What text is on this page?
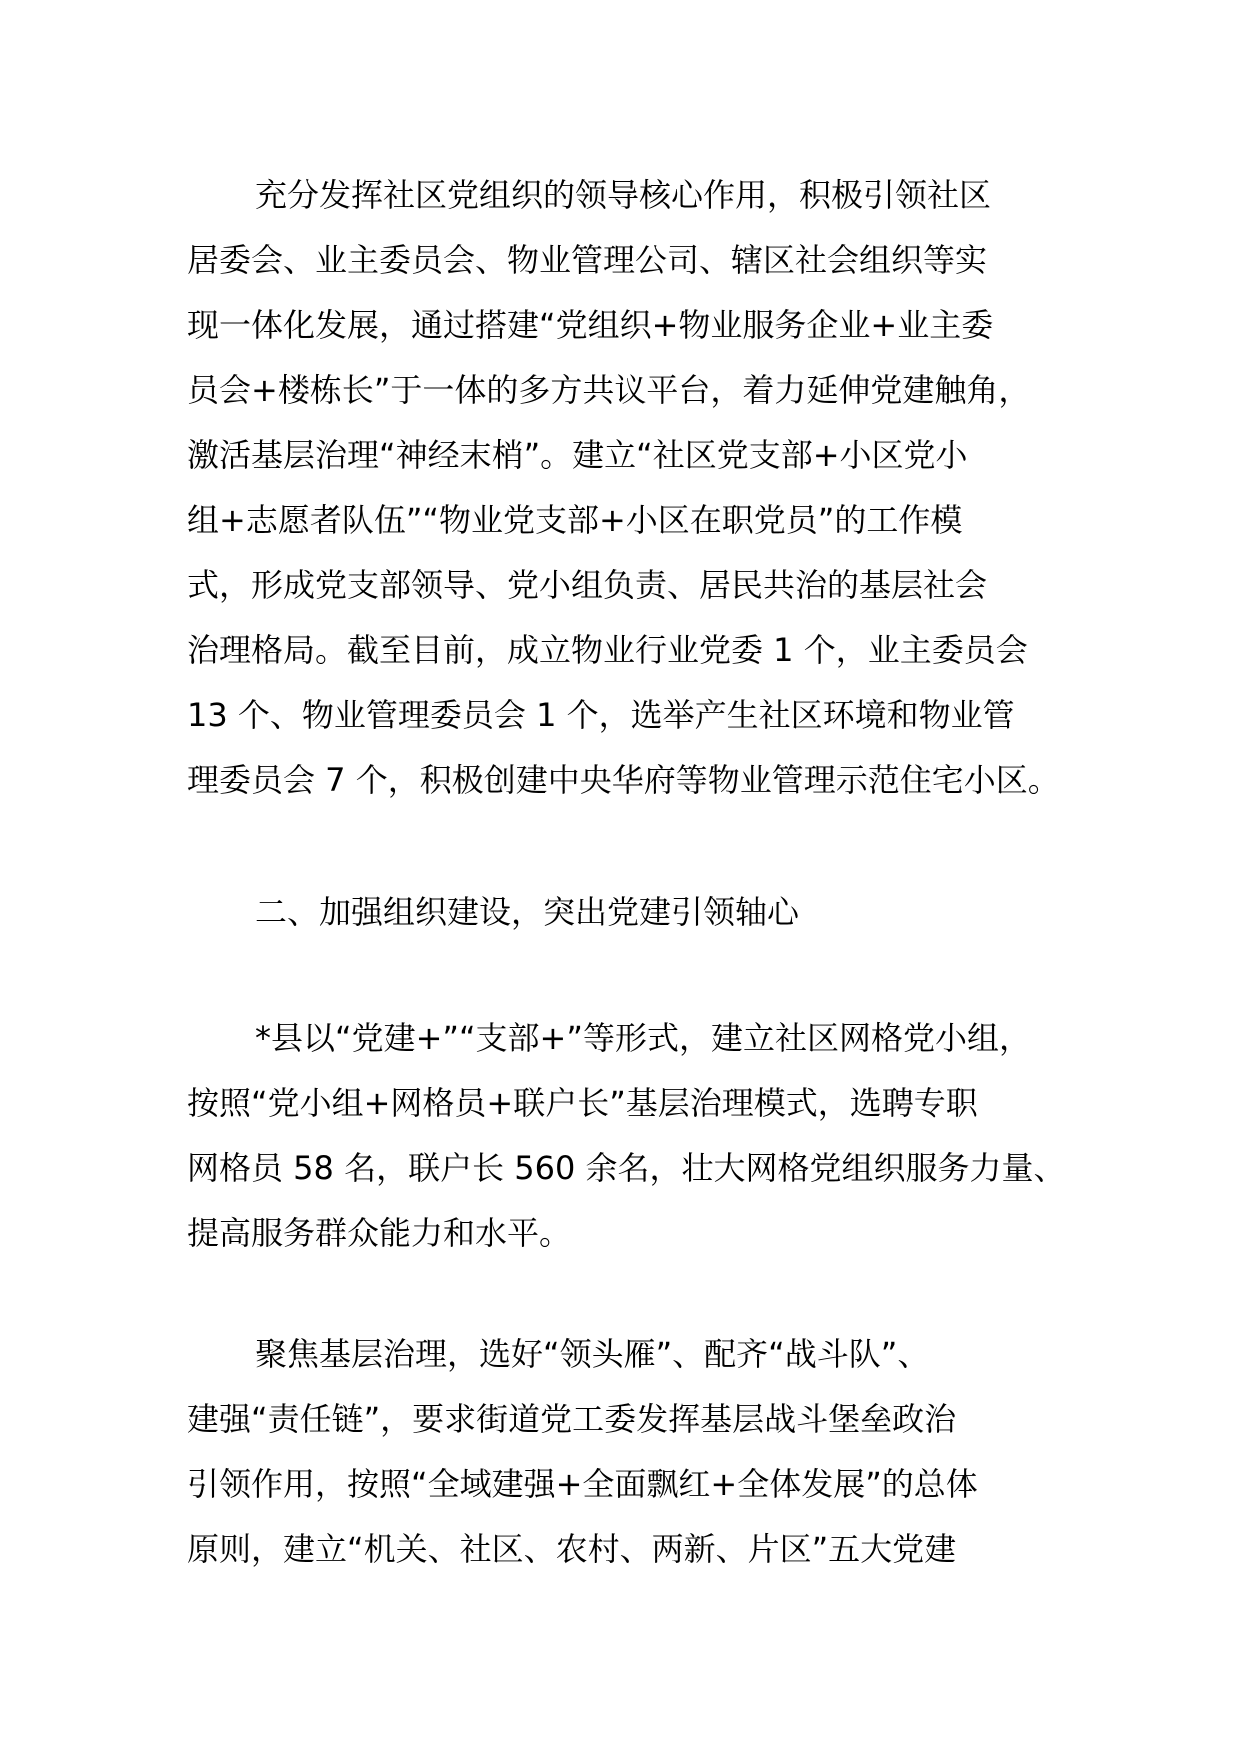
充分发挥社区党组织的领导核心作用，积极引领社区
居委会、业主委员会、物业管理公司、辖区社会组织等实
现一体化发展，通过搭建“党组织+物业服务企业+业主委
员会+楼栋长”于一体的多方共议平台，着力延伸党建触角，
激活基层治理“神经末梢”。建立“社区党支部+小区党小
组+志愿者队伍”“物业党支部+小区在职党员”的工作模
式，形成党支部领导、党小组负责、居民共治的基层社会
治理格局。截至目前，成立物业行业党委 1 个，业主委员会
13 个、物业管理委员会 1 个，选举产生社区环境和物业管
理委员会 7 个，积极创建中央华府等物业管理示范住宅小区。
二、加强组织建设，突出党建引领轴心
*县以“党建+”“支部+”等形式，建立社区网格党小组，
按照“党小组+网格员+联户长”基层治理模式，选聘专职
网格员 58 名，联户长 560 余名，壮大网格党组织服务力量、
提高服务群众能力和水平。
聚焦基层治理，选好“领头雁”、配齐“战斗队”、
建强“责任链”，要求街道党工委发挥基层战斗堡垒政治
引领作用，按照“全域建强+全面飘红+全体发展”的总体
原则，建立“机关、社区、农村、两新、片区”五大党建
